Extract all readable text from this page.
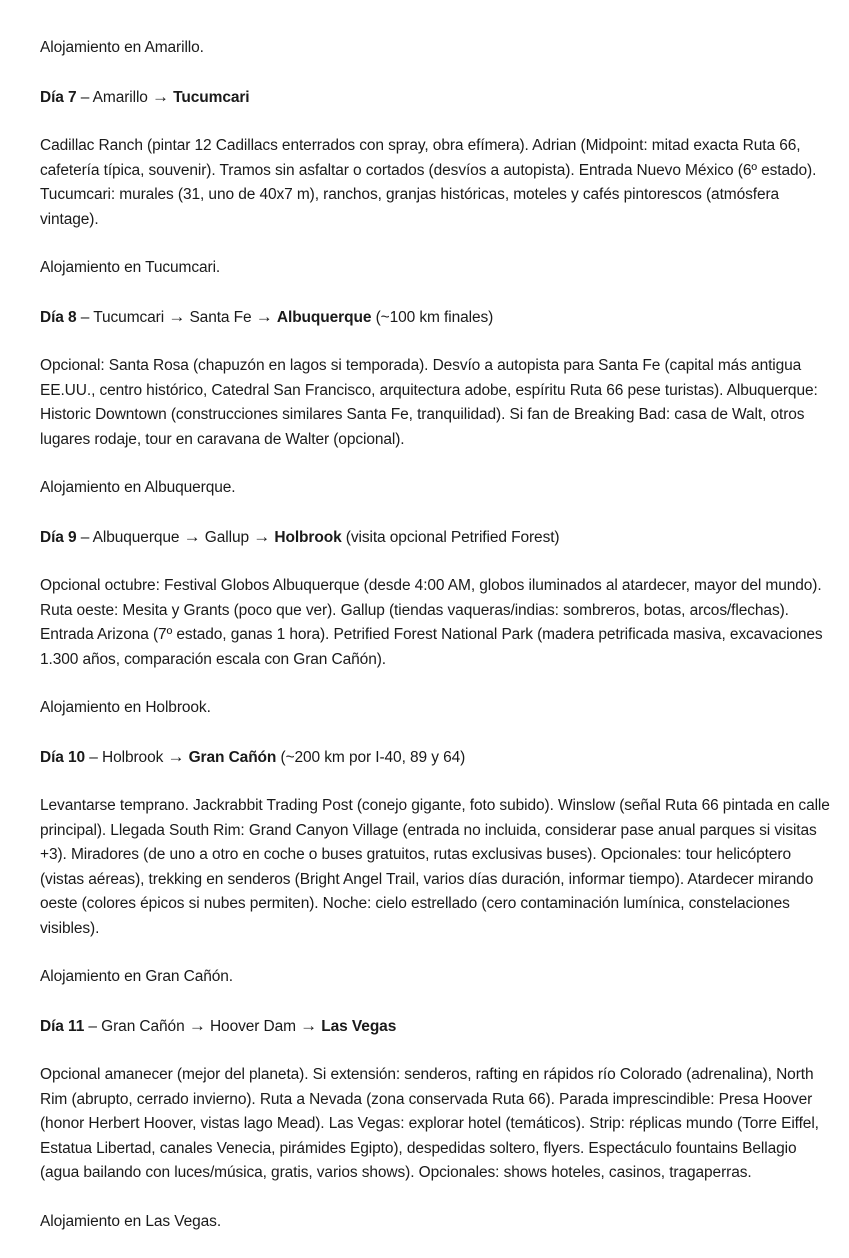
Alojamiento en Amarillo.

Día 7 – Amarillo → Tucumcari

Cadillac Ranch (pintar 12 Cadillacs enterrados con spray, obra efímera). Adrian (Midpoint: mitad exacta Ruta 66, cafetería típica, souvenir). Tramos sin asfaltar o cortados (desvíos a autopista). Entrada Nuevo México (6º estado). Tucumcari: murales (31, uno de 40x7 m), ranchos, granjas históricas, moteles y cafés pintorescos (atmósfera vintage).

Alojamiento en Tucumcari.

Día 8 – Tucumcari → Santa Fe → Albuquerque (~100 km finales)

Opcional: Santa Rosa (chapuzón en lagos si temporada). Desvío a autopista para Santa Fe (capital más antigua EE.UU., centro histórico, Catedral San Francisco, arquitectura adobe, espíritu Ruta 66 pese turistas). Albuquerque: Historic Downtown (construcciones similares Santa Fe, tranquilidad). Si fan de Breaking Bad: casa de Walt, otros lugares rodaje, tour en caravana de Walter (opcional).

Alojamiento en Albuquerque.

Día 9 – Albuquerque → Gallup → Holbrook (visita opcional Petrified Forest)

Opcional octubre: Festival Globos Albuquerque (desde 4:00 AM, globos iluminados al atardecer, mayor del mundo). Ruta oeste: Mesita y Grants (poco que ver). Gallup (tiendas vaqueras/indias: sombreros, botas, arcos/flechas). Entrada Arizona (7º estado, ganas 1 hora). Petrified Forest National Park (madera petrificada masiva, excavaciones 1.300 años, comparación escala con Gran Cañón).

Alojamiento en Holbrook.

Día 10 – Holbrook → Gran Cañón (~200 km por I-40, 89 y 64)

Levantarse temprano. Jackrabbit Trading Post (conejo gigante, foto subido). Winslow (señal Ruta 66 pintada en calle principal). Llegada South Rim: Grand Canyon Village (entrada no incluida, considerar pase anual parques si visitas +3). Miradores (de uno a otro en coche o buses gratuitos, rutas exclusivas buses). Opcionales: tour helicóptero (vistas aéreas), trekking en senderos (Bright Angel Trail, varios días duración, informar tiempo). Atardecer mirando oeste (colores épicos si nubes permiten). Noche: cielo estrellado (cero contaminación lumínica, constelaciones visibles).

Alojamiento en Gran Cañón.

Día 11 – Gran Cañón → Hoover Dam → Las Vegas

Opcional amanecer (mejor del planeta). Si extensión: senderos, rafting en rápidos río Colorado (adrenalina), North Rim (abrupto, cerrado invierno). Ruta a Nevada (zona conservada Ruta 66). Parada imprescindible: Presa Hoover (honor Herbert Hoover, vistas lago Mead). Las Vegas: explorar hotel (temáticos). Strip: réplicas mundo (Torre Eiffel, Estatua Libertad, canales Venecia, pirámides Egipto), despedidas soltero, flyers. Espectáculo fountains Bellagio (agua bailando con luces/música, gratis, varios shows). Opcionales: shows hoteles, casinos, tragaperras.

Alojamiento en Las Vegas.
